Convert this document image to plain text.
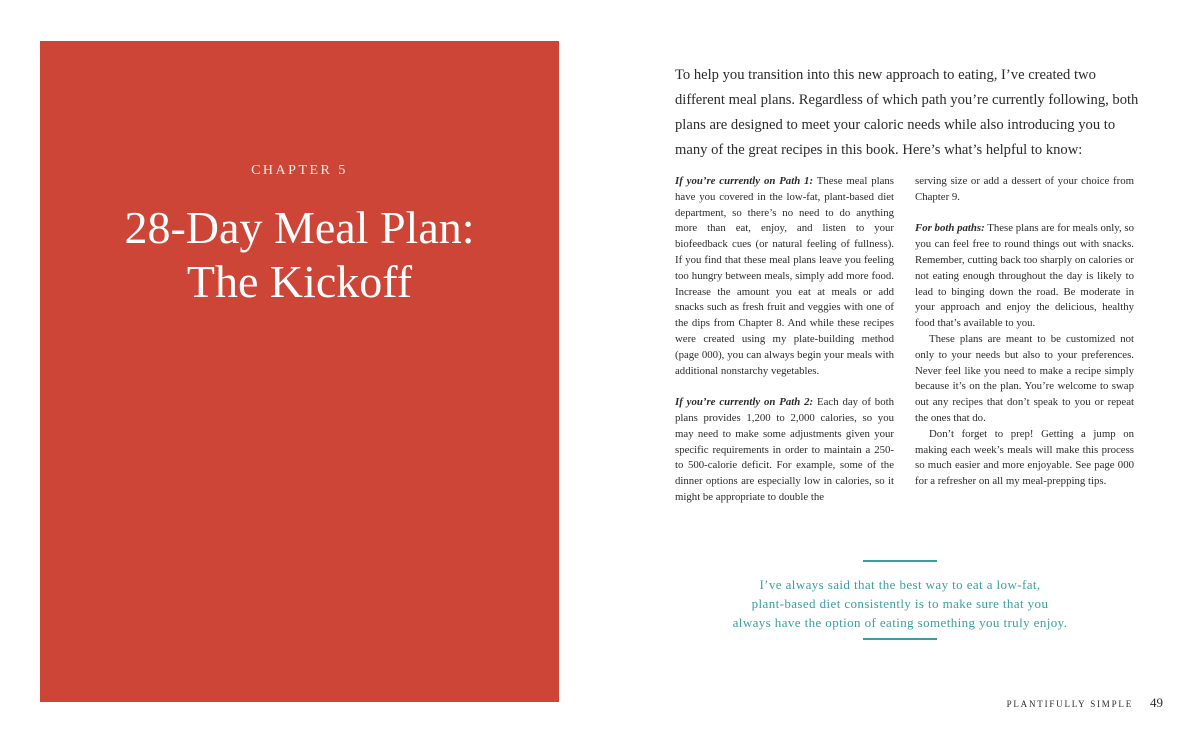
CHAPTER 5
28-Day Meal Plan:
The Kickoff

To help you transition into this new approach to eating, I’ve created two different meal plans. Regardless of which path you’re currently following, both plans are designed to meet your caloric needs while also introducing you to many of the great recipes in this book. Here’s what’s helpful to know:

If you’re currently on Path 1: These meal plans have you covered in the low-fat, plant-based diet department, so there’s no need to do anything more than eat, enjoy, and listen to your biofeedback cues (or natural feeling of fullness). If you find that these meal plans leave you feeling too hungry between meals, simply add more food. Increase the amount you eat at meals or add snacks such as fresh fruit and veggies with one of the dips from Chapter 8. And while these recipes were created using my plate-building method (page 000), you can always begin your meals with additional nonstarchy vegetables.

If you’re currently on Path 2: Each day of both plans provides 1,200 to 2,000 calories, so you may need to make some adjustments given your specific requirements in order to maintain a 250- to 500-calorie deficit. For example, some of the dinner options are especially low in calories, so it might be appropriate to double the

serving size or add a dessert of your choice from Chapter 9.

For both paths: These plans are for meals only, so you can feel free to round things out with snacks. Remember, cutting back too sharply on calories or not eating enough throughout the day is likely to lead to binging down the road. Be moderate in your approach and enjoy the delicious, healthy food that’s available to you.

These plans are meant to be customized not only to your needs but also to your preferences. Never feel like you need to make a recipe simply because it’s on the plan. You’re welcome to swap out any recipes that don’t speak to you or repeat the ones that do.

Don’t forget to prep! Getting a jump on making each week’s meals will make this process so much easier and more enjoyable. See page 000 for a refresher on all my meal-prepping tips.

I’ve always said that the best way to eat a low-fat,
plant-based diet consistently is to make sure that you
always have the option of eating something you truly enjoy.

PLANTIFULLY SIMPLE 49
